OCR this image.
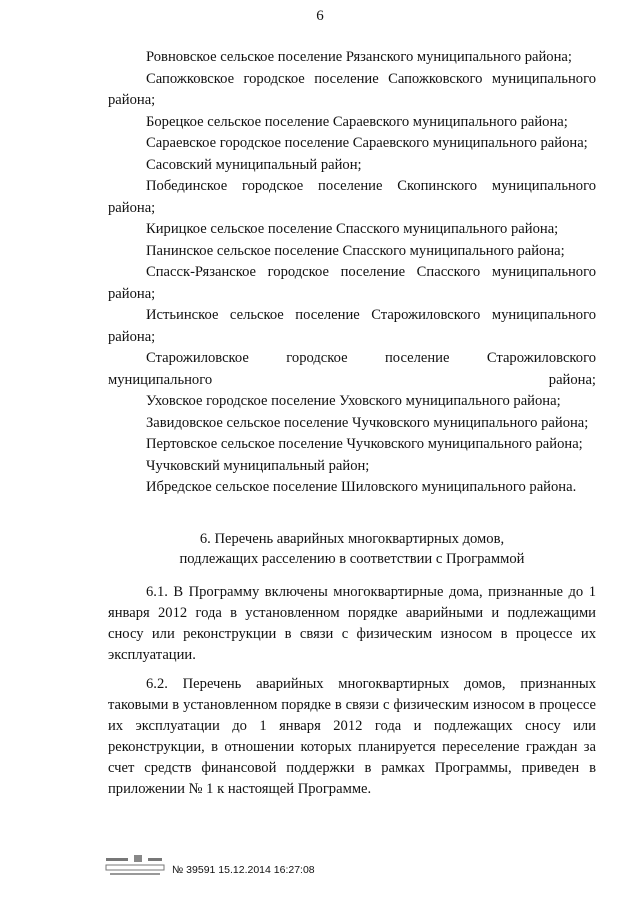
6

Ровновское сельское поселение Рязанского муниципального района;

Сапожковское городское поселение Сапожковского муниципального района;

Борецкое сельское поселение Сараевского муниципального района;

Сараевское городское поселение Сараевского муниципального района;

Сасовский муниципальный район;

Побединское городское поселение Скопинского муниципального района;

Кирицкое сельское поселение Спасского муниципального района;

Панинское сельское поселение Спасского муниципального района;

Спасск-Рязанское городское поселение Спасского муниципального района;

Истьинское сельское поселение Старожиловского муниципального района;

Старожиловское городское поселение Старожиловского муниципального района;

Уховское городское поселение Уховского муниципального района;

Завидовское сельское поселение Чучковского муниципального района;

Пертовское сельское поселение Чучковского муниципального района;

Чучковский муниципальный район;

Ибредское сельское поселение Шиловского муниципального района.

6. Перечень аварийных многоквартирных домов,
подлежащих расселению в соответствии с Программой

6.1. В Программу включены многоквартирные дома, признанные до 1 января 2012 года в установленном порядке аварийными и подлежащими сносу или реконструкции в связи с физическим износом в процессе их эксплуатации.

6.2. Перечень аварийных многоквартирных домов, признанных таковыми в установленном порядке в связи с физическим износом в процессе их эксплуатации до 1 января 2012 года и подлежащих сносу или реконструкции, в отношении которых планируется переселение граждан за счет средств финансовой поддержки в рамках Программы, приведен в приложении № 1 к настоящей Программе.

№ 39591 15.12.2014 16:27:08
